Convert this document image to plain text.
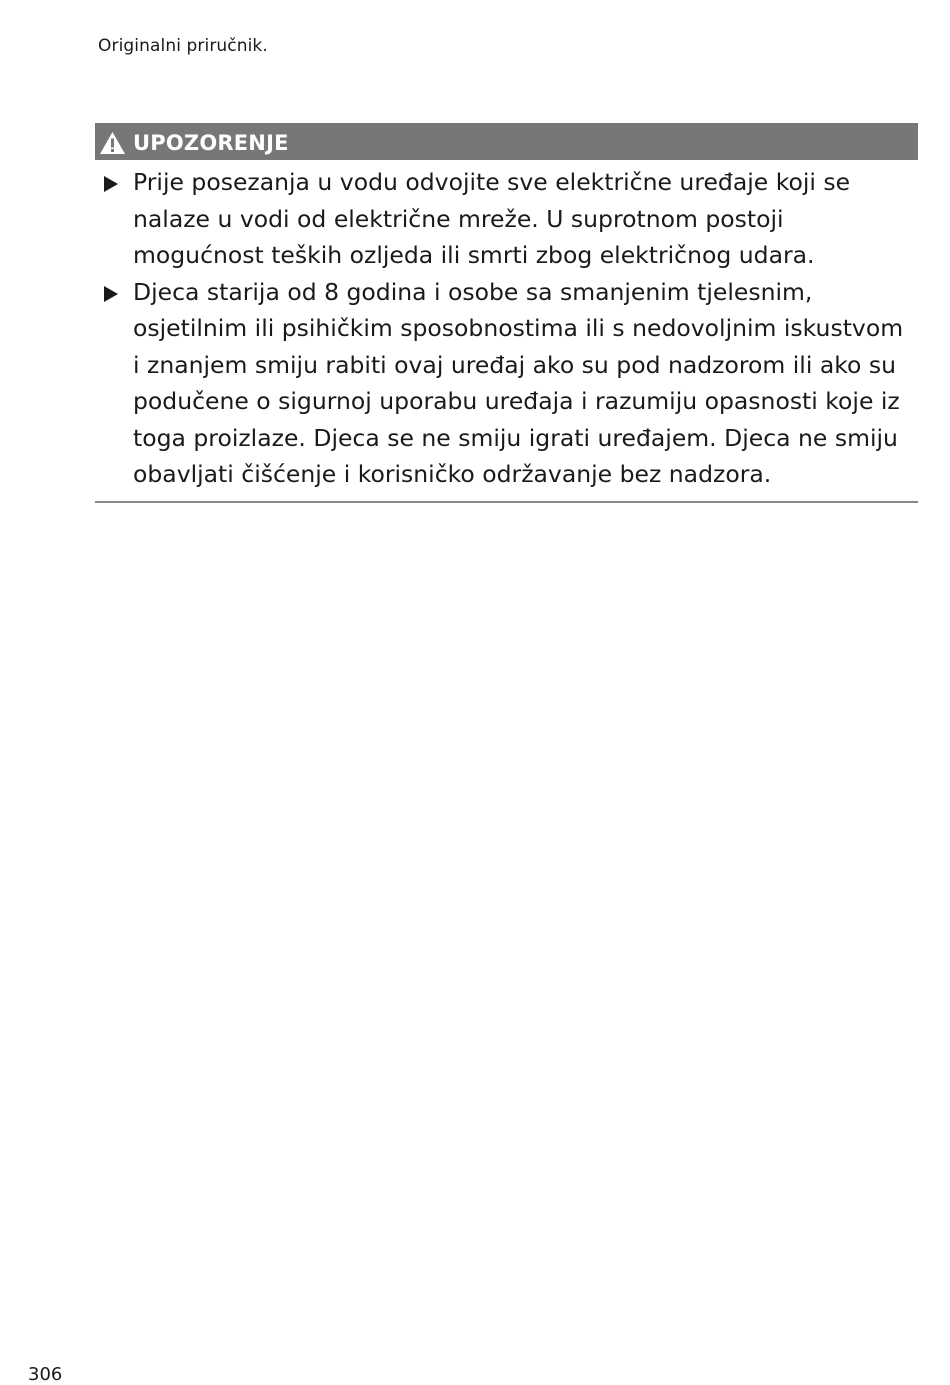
Originalni priručnik.
UPOZORENJE
Prije posezanja u vodu odvojite sve električne uređaje koji se nalaze u vodi od električne mreže. U suprotnom postoji mogućnost teških ozljeda ili smrti zbog električnog udara.
Djeca starija od 8 godina i osobe sa smanjenim tjelesnim, osjetilnim ili psihičkim sposobnostima ili s nedovoljnim iskustvom i znanjem smiju rabiti ovaj uređaj ako su pod nadzorom ili ako su podučene o sigurnoj uporabu uređaja i razumiju opasnosti koje iz toga proizlaze. Djeca se ne smiju igrati uređajem. Djeca ne smiju obavljati čišćenje i korisničko održavanje bez nadzora.
306
